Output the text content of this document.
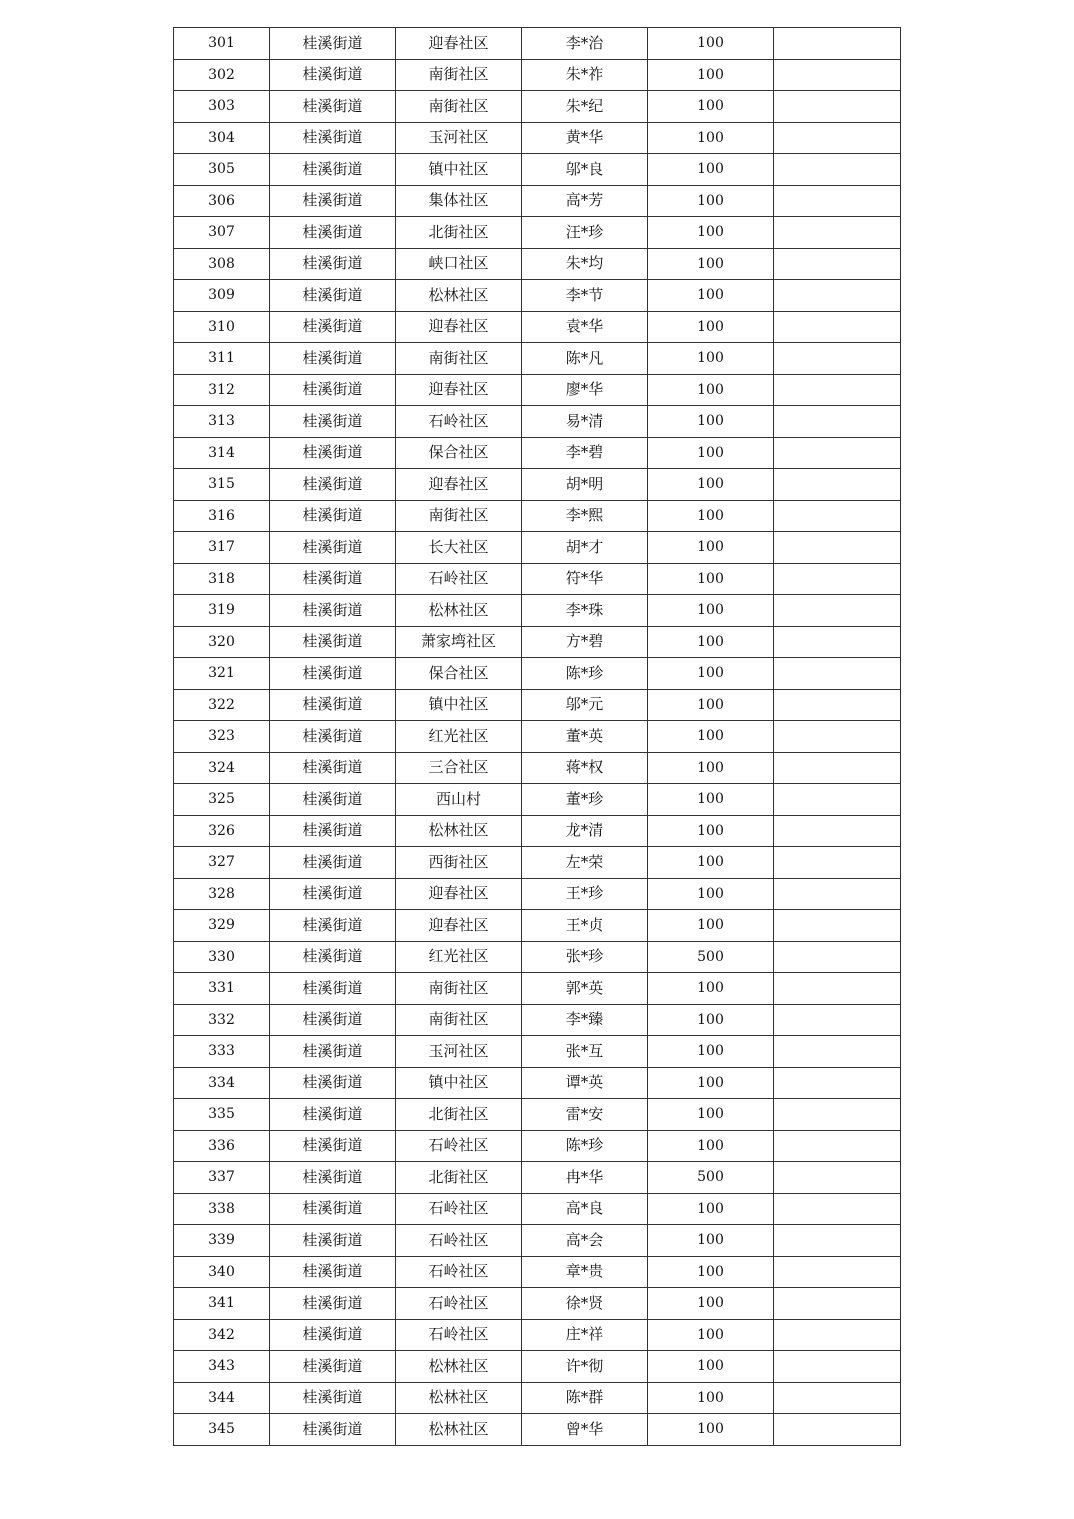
301	桂溪街道	迎春社区	李*治	100	
302	桂溪街道	南街社区	朱*祚	100	
303	桂溪街道	南街社区	朱*纪	100	
304	桂溪街道	玉河社区	黄*华	100	
305	桂溪街道	镇中社区	邬*良	100	
306	桂溪街道	集体社区	高*芳	100	
307	桂溪街道	北街社区	汪*珍	100	
308	桂溪街道	峡口社区	朱*均	100	
309	桂溪街道	松林社区	李*节	100	
310	桂溪街道	迎春社区	袁*华	100	
311	桂溪街道	南街社区	陈*凡	100	
312	桂溪街道	迎春社区	廖*华	100	
313	桂溪街道	石岭社区	易*清	100	
314	桂溪街道	保合社区	李*碧	100	
315	桂溪街道	迎春社区	胡*明	100	
316	桂溪街道	南街社区	李*熙	100	
317	桂溪街道	长大社区	胡*才	100	
318	桂溪街道	石岭社区	符*华	100	
319	桂溪街道	松林社区	李*珠	100	
320	桂溪街道	萧家塆社区	方*碧	100	
321	桂溪街道	保合社区	陈*珍	100	
322	桂溪街道	镇中社区	邬*元	100	
323	桂溪街道	红光社区	董*英	100	
324	桂溪街道	三合社区	蒋*权	100	
325	桂溪街道	西山村	董*珍	100	
326	桂溪街道	松林社区	龙*清	100	
327	桂溪街道	西街社区	左*荣	100	
328	桂溪街道	迎春社区	王*珍	100	
329	桂溪街道	迎春社区	王*贞	100	
330	桂溪街道	红光社区	张*珍	500	
331	桂溪街道	南街社区	郭*英	100	
332	桂溪街道	南街社区	李*臻	100	
333	桂溪街道	玉河社区	张*互	100	
334	桂溪街道	镇中社区	谭*英	100	
335	桂溪街道	北街社区	雷*安	100	
336	桂溪街道	石岭社区	陈*珍	100	
337	桂溪街道	北街社区	冉*华	500	
338	桂溪街道	石岭社区	高*良	100	
339	桂溪街道	石岭社区	高*会	100	
340	桂溪街道	石岭社区	章*贵	100	
341	桂溪街道	石岭社区	徐*贤	100	
342	桂溪街道	石岭社区	庄*祥	100	
343	桂溪街道	松林社区	许*彻	100	
344	桂溪街道	松林社区	陈*群	100	
345	桂溪街道	松林社区	曾*华	100	
